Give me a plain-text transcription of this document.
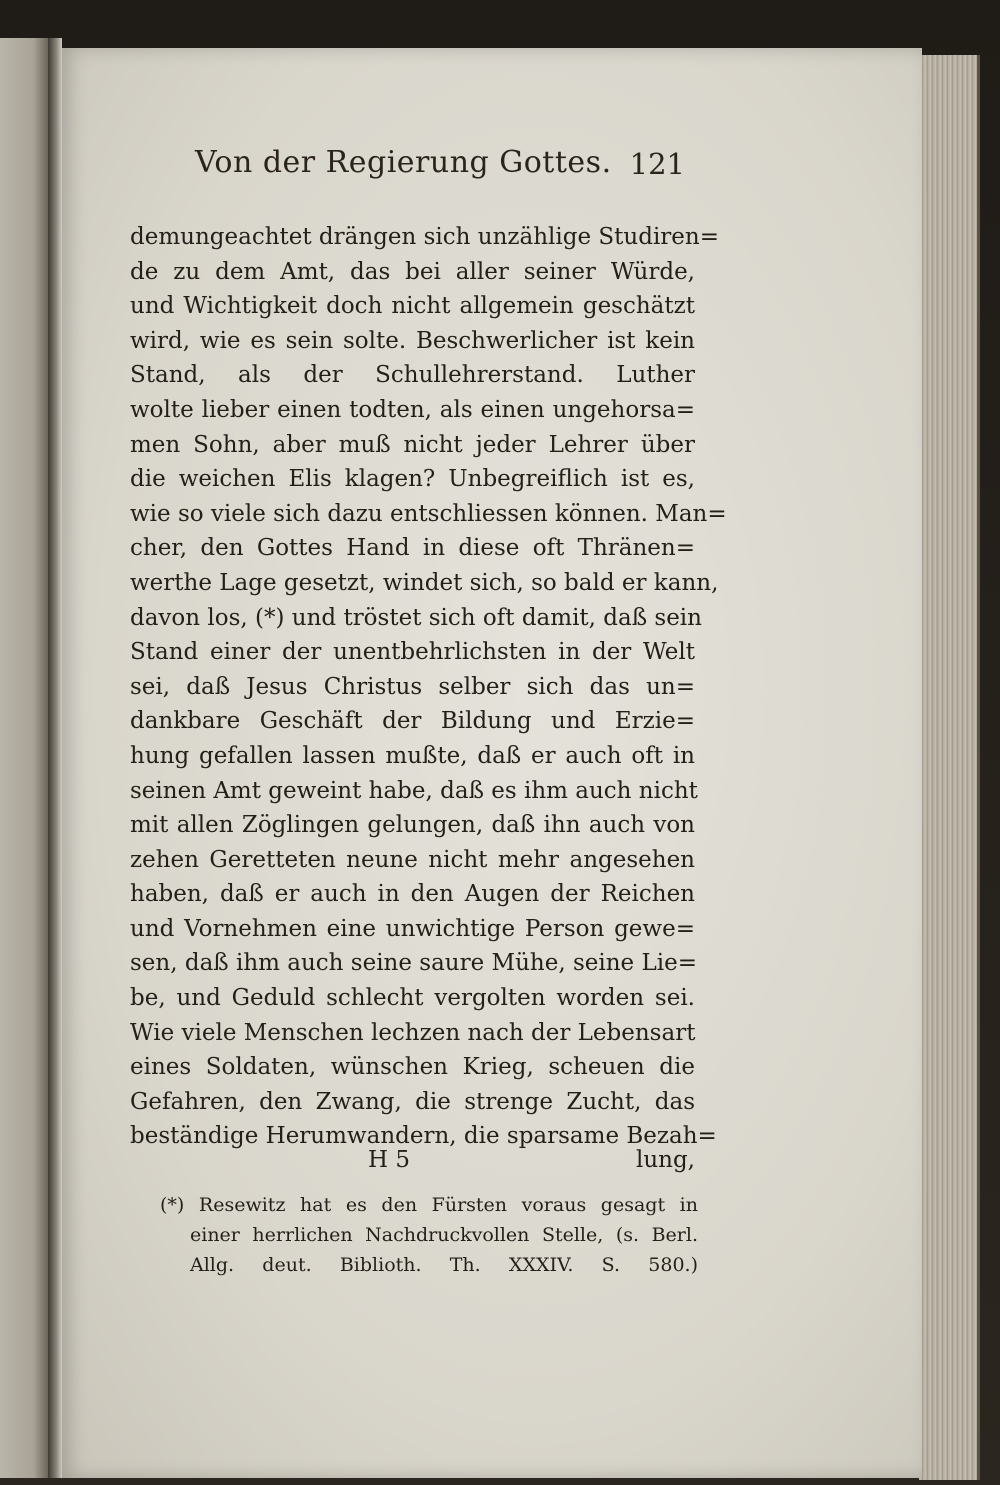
Von der Regierung Gottes. 121
demungeachtet drängen sich unzählige Studiren=
de zu dem Amt, das bei aller seiner Würde,
und Wichtigkeit doch nicht allgemein geschätzt
wird, wie es sein solte. Beschwerlicher ist kein
Stand, als der Schullehrerstand. Luther
wolte lieber einen todten, als einen ungehorsa=
men Sohn, aber muß nicht jeder Lehrer über
die weichen Elis klagen? Unbegreiflich ist es,
wie so viele sich dazu entschliessen können. Man=
cher, den Gottes Hand in diese oft Thränen=
werthe Lage gesetzt, windet sich, so bald er kann,
davon los, (*) und tröstet sich oft damit, daß sein
Stand einer der unentbehrlichsten in der Welt
sei, daß Jesus Christus selber sich das un=
dankbare Geschäft der Bildung und Erzie=
hung gefallen lassen mußte, daß er auch oft in
seinen Amt geweint habe, daß es ihm auch nicht
mit allen Zöglingen gelungen, daß ihn auch von
zehen Geretteten neune nicht mehr angesehen
haben, daß er auch in den Augen der Reichen
und Vornehmen eine unwichtige Person gewe=
sen, daß ihm auch seine saure Mühe, seine Lie=
be, und Geduld schlecht vergolten worden sei.
Wie viele Menschen lechzen nach der Lebensart
eines Soldaten, wünschen Krieg, scheuen die
Gefahren, den Zwang, die strenge Zucht, das
beständige Herumwandern, die sparsame Bezah=
H 5	lung,
(*) Resewitz hat es den Fürsten voraus gesagt in
einer herrlichen Nachdruckvollen Stelle, (s. Berl.
Allg. deut. Biblioth. Th. XXXIV. S. 580.)
